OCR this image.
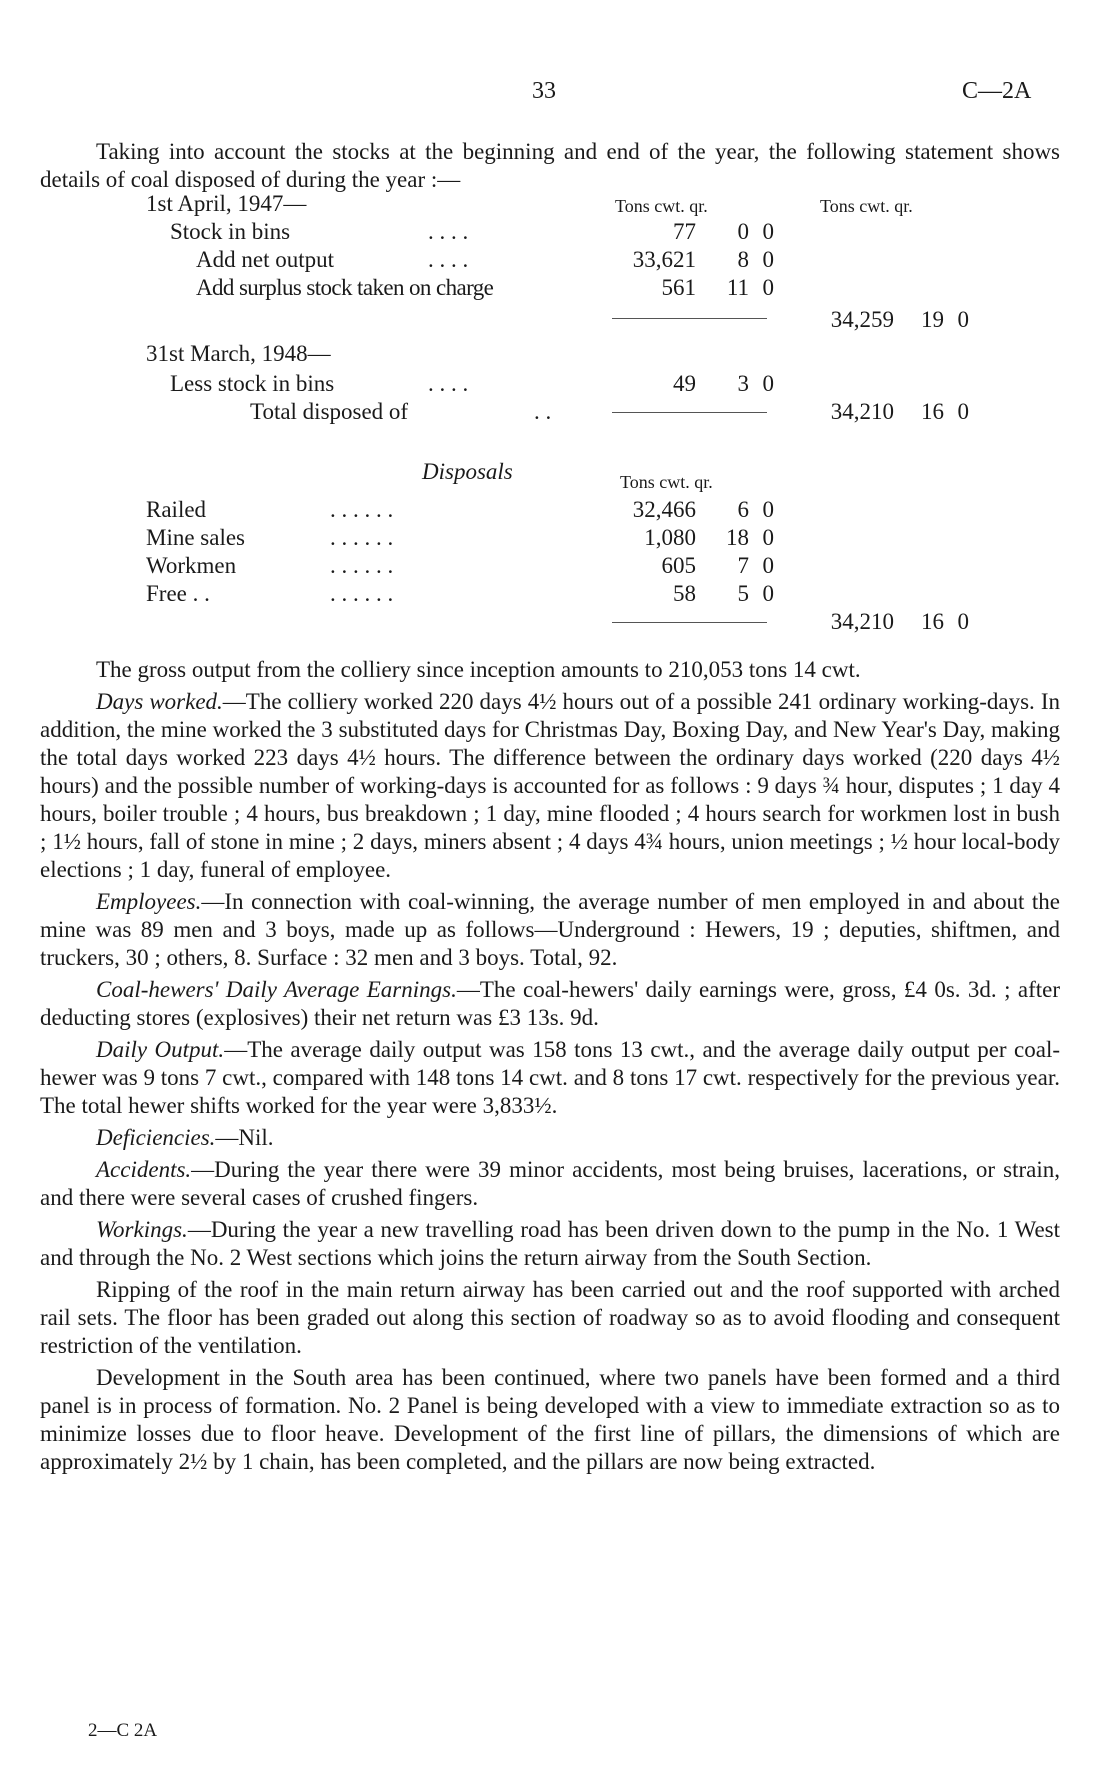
33	C—2A

Taking into account the stocks at the beginning and end of the year, the following statement shows details of coal disposed of during the year :—

Tons cwt. qr.	Tons cwt. qr.
1st April, 1947—
Stock in bins	. . . .	77 0 0
Add net output	. . . .	33,621 8 0
Add surplus stock taken on charge	561 11 0
34,259 19 0
31st March, 1948—
Less stock in bins	. . . .	49 3 0
Total disposed of	. .	34,210 16 0
Disposals	Tons cwt. qr.
Railed	. . . . . .	32,466 6 0
Mine sales	. . . . . .	1,080 18 0
Workmen	. . . . . .	605 7 0
Free . .	. . . . . .	58 5 0
34,210 16 0

The gross output from the colliery since inception amounts to 210,053 tons 14 cwt.

Days worked.—The colliery worked 220 days 4½ hours out of a possible 241 ordinary working-days. In addition, the mine worked the 3 substituted days for Christmas Day, Boxing Day, and New Year's Day, making the total days worked 223 days 4½ hours. The difference between the ordinary days worked (220 days 4½ hours) and the possible number of working-days is accounted for as follows : 9 days ¾ hour, disputes ; 1 day 4 hours, boiler trouble ; 4 hours, bus breakdown ; 1 day, mine flooded ; 4 hours search for workmen lost in bush ; 1½ hours, fall of stone in mine ; 2 days, miners absent ; 4 days 4¾ hours, union meetings ; ½ hour local-body elections ; 1 day, funeral of employee.

Employees.—In connection with coal-winning, the average number of men employed in and about the mine was 89 men and 3 boys, made up as follows—Underground : Hewers, 19 ; deputies, shiftmen, and truckers, 30 ; others, 8. Surface : 32 men and 3 boys. Total, 92.

Coal-hewers' Daily Average Earnings.—The coal-hewers' daily earnings were, gross, £4 0s. 3d. ; after deducting stores (explosives) their net return was £3 13s. 9d.

Daily Output.—The average daily output was 158 tons 13 cwt., and the average daily output per coal-hewer was 9 tons 7 cwt., compared with 148 tons 14 cwt. and 8 tons 17 cwt. respectively for the previous year. The total hewer shifts worked for the year were 3,833½.

Deficiencies.—Nil.

Accidents.—During the year there were 39 minor accidents, most being bruises, lacerations, or strain, and there were several cases of crushed fingers.

Workings.—During the year a new travelling road has been driven down to the pump in the No. 1 West and through the No. 2 West sections which joins the return airway from the South Section.

Ripping of the roof in the main return airway has been carried out and the roof supported with arched rail sets. The floor has been graded out along this section of roadway so as to avoid flooding and consequent restriction of the ventilation.

Development in the South area has been continued, where two panels have been formed and a third panel is in process of formation. No. 2 Panel is being developed with a view to immediate extraction so as to minimize losses due to floor heave. Development of the first line of pillars, the dimensions of which are approximately 2½ by 1 chain, has been completed, and the pillars are now being extracted.

2—C 2A
